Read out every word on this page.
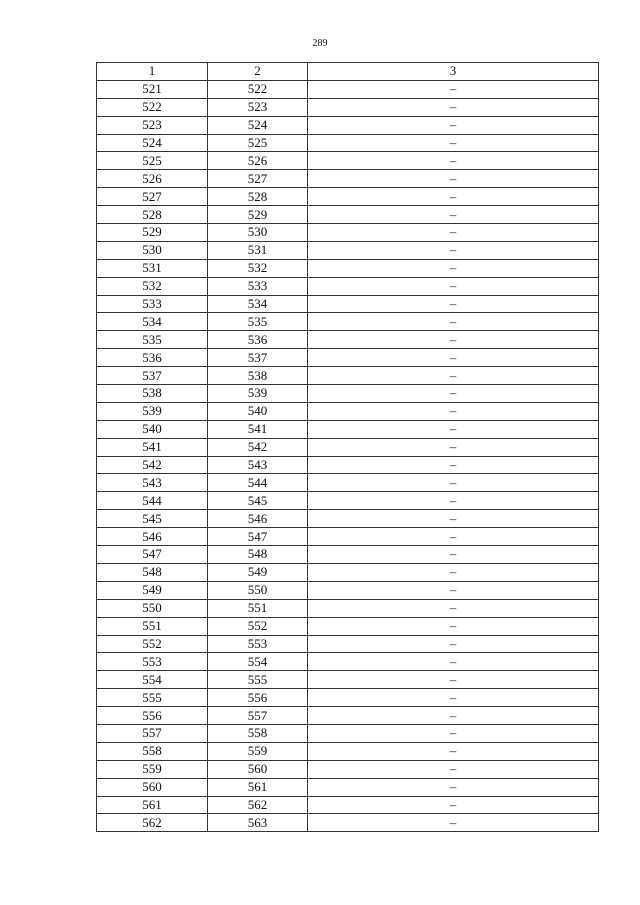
289
1	2	3
521	522	–
522	523	–
523	524	–
524	525	–
525	526	–
526	527	–
527	528	–
528	529	–
529	530	–
530	531	–
531	532	–
532	533	–
533	534	–
534	535	–
535	536	–
536	537	–
537	538	–
538	539	–
539	540	–
540	541	–
541	542	–
542	543	–
543	544	–
544	545	–
545	546	–
546	547	–
547	548	–
548	549	–
549	550	–
550	551	–
551	552	–
552	553	–
553	554	–
554	555	–
555	556	–
556	557	–
557	558	–
558	559	–
559	560	–
560	561	–
561	562	–
562	563	–
